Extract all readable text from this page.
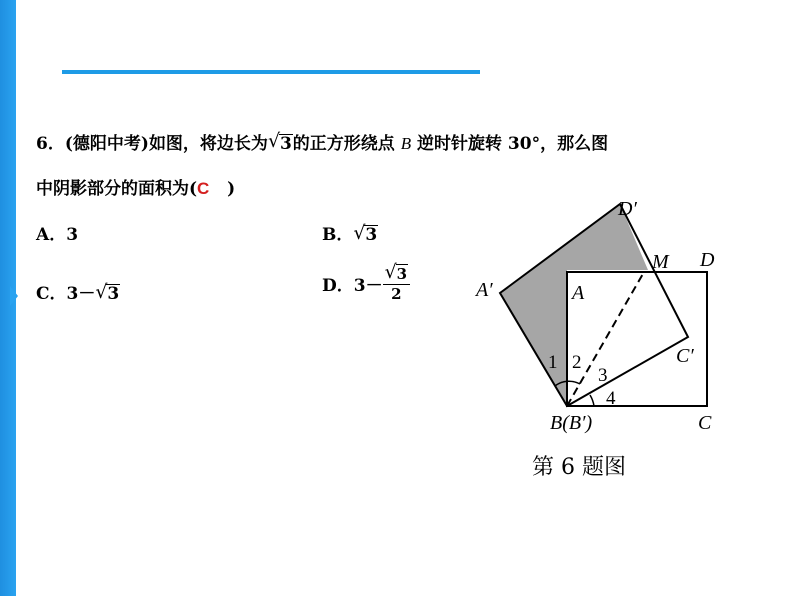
6．(德阳中考)如图，将边长为 √ 3的正方形绕点 B 逆时针旋转 30°，那么图
中阴影部分的面积为(C )
A．3	B． √ 3
C．3－ √ 3	D．$3- \frac{√ 3}{2}$
D′
M D
A′	A
C′
B(B′)	C
1 2
3
4
第 6 题图
